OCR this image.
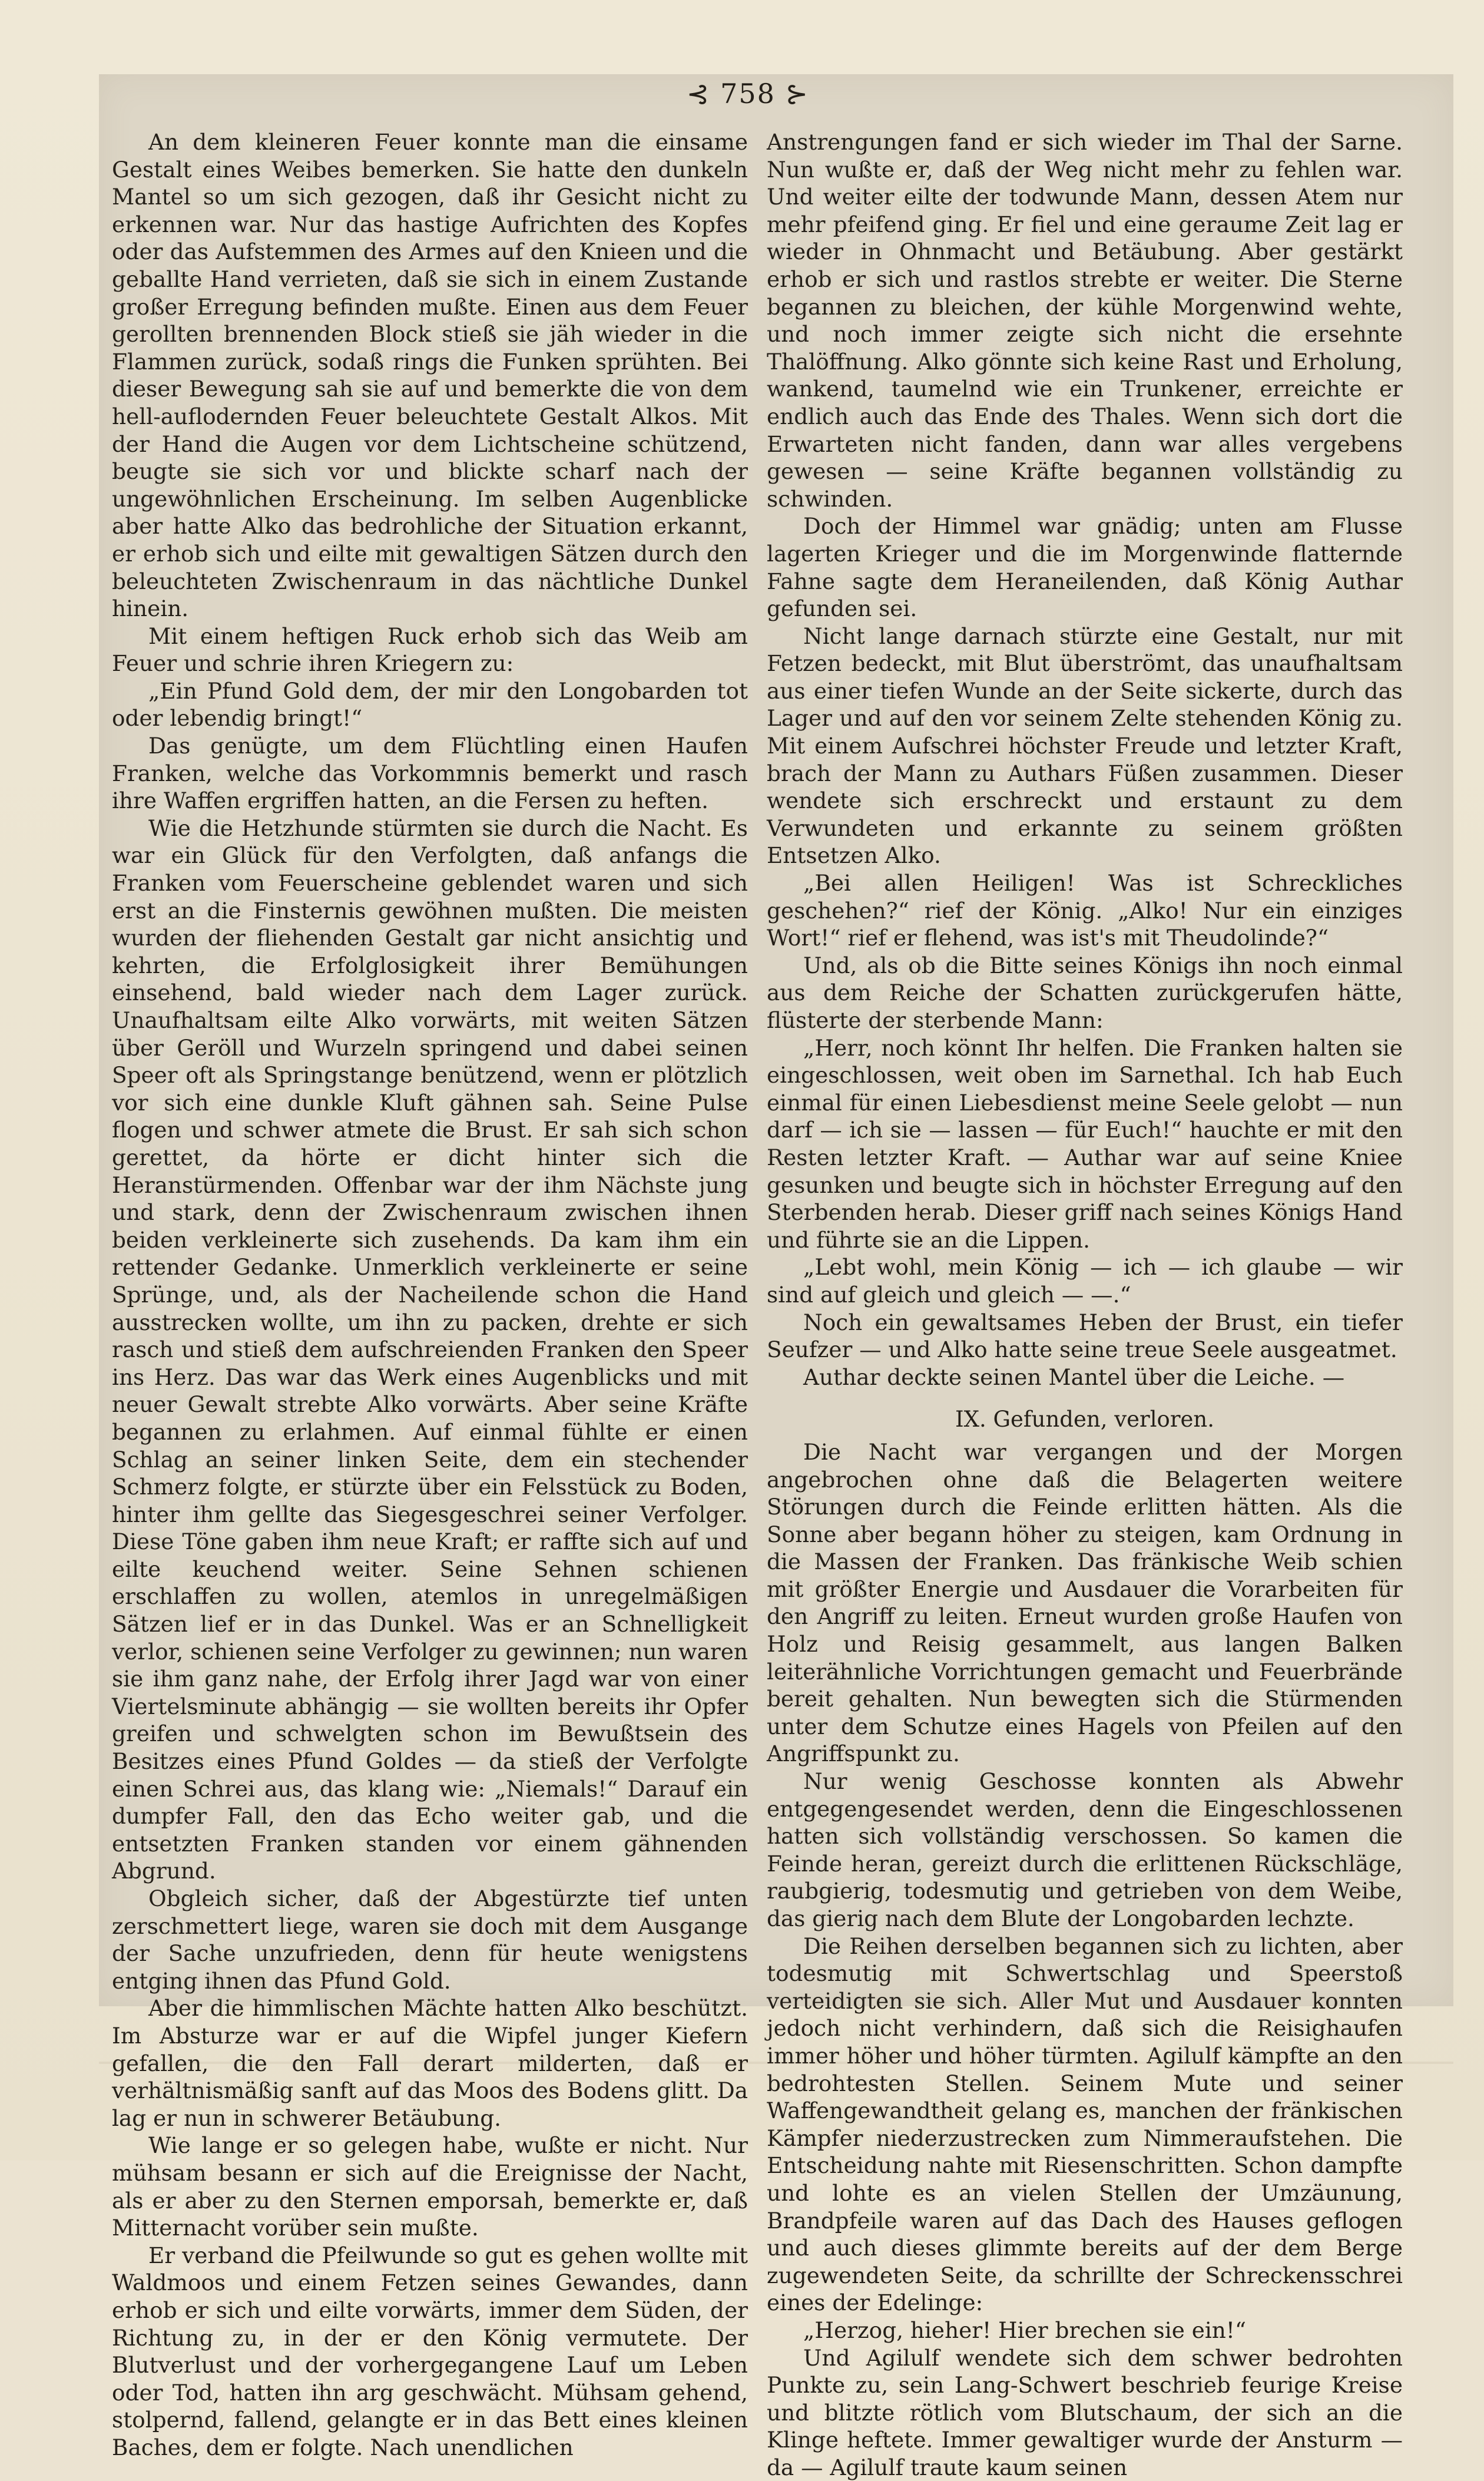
⊰ 758 ⊱

An dem kleineren Feuer konnte man die einsame Gestalt eines Weibes bemerken. Sie hatte den dunkeln Mantel so um sich gezogen, daß ihr Gesicht nicht zu erkennen war. Nur das hastige Aufrichten des Kopfes oder das Aufstemmen des Armes auf den Knieen und die geballte Hand verrieten, daß sie sich in einem Zustande großer Erregung befinden mußte. Einen aus dem Feuer gerollten brennenden Block stieß sie jäh wieder in die Flammen zurück, sodaß rings die Funken sprühten. Bei dieser Bewegung sah sie auf und bemerkte die von dem hell-auflodernden Feuer beleuchtete Gestalt Alkos. Mit der Hand die Augen vor dem Lichtscheine schützend, beugte sie sich vor und blickte scharf nach der ungewöhnlichen Erscheinung. Im selben Augenblicke aber hatte Alko das bedrohliche der Situation erkannt, er erhob sich und eilte mit gewaltigen Sätzen durch den beleuchteten Zwischenraum in das nächtliche Dunkel hinein.

Mit einem heftigen Ruck erhob sich das Weib am Feuer und schrie ihren Kriegern zu:

„Ein Pfund Gold dem, der mir den Longobarden tot oder lebendig bringt!“

Das genügte, um dem Flüchtling einen Haufen Franken, welche das Vorkommnis bemerkt und rasch ihre Waffen ergriffen hatten, an die Fersen zu heften.

Wie die Hetzhunde stürmten sie durch die Nacht. Es war ein Glück für den Verfolgten, daß anfangs die Franken vom Feuerscheine geblendet waren und sich erst an die Finsternis gewöhnen mußten. Die meisten wurden der fliehenden Gestalt gar nicht ansichtig und kehrten, die Erfolglosigkeit ihrer Bemühungen einsehend, bald wieder nach dem Lager zurück. Unaufhaltsam eilte Alko vorwärts, mit weiten Sätzen über Geröll und Wurzeln springend und dabei seinen Speer oft als Springstange benützend, wenn er plötzlich vor sich eine dunkle Kluft gähnen sah. Seine Pulse flogen und schwer atmete die Brust. Er sah sich schon gerettet, da hörte er dicht hinter sich die Heranstürmenden. Offenbar war der ihm Nächste jung und stark, denn der Zwischenraum zwischen ihnen beiden verkleinerte sich zusehends. Da kam ihm ein rettender Gedanke. Unmerklich verkleinerte er seine Sprünge, und, als der Nacheilende schon die Hand ausstrecken wollte, um ihn zu packen, drehte er sich rasch und stieß dem aufschreienden Franken den Speer ins Herz. Das war das Werk eines Augenblicks und mit neuer Gewalt strebte Alko vorwärts. Aber seine Kräfte begannen zu erlahmen. Auf einmal fühlte er einen Schlag an seiner linken Seite, dem ein stechender Schmerz folgte, er stürzte über ein Felsstück zu Boden, hinter ihm gellte das Siegesgeschrei seiner Verfolger. Diese Töne gaben ihm neue Kraft; er raffte sich auf und eilte keuchend weiter. Seine Sehnen schienen erschlaffen zu wollen, atemlos in unregelmäßigen Sätzen lief er in das Dunkel. Was er an Schnelligkeit verlor, schienen seine Verfolger zu gewinnen; nun waren sie ihm ganz nahe, der Erfolg ihrer Jagd war von einer Viertelsminute abhängig — sie wollten bereits ihr Opfer greifen und schwelgten schon im Bewußtsein des Besitzes eines Pfund Goldes — da stieß der Verfolgte einen Schrei aus, das klang wie: „Niemals!“ Darauf ein dumpfer Fall, den das Echo weiter gab, und die entsetzten Franken standen vor einem gähnenden Abgrund.

Obgleich sicher, daß der Abgestürzte tief unten zerschmettert liege, waren sie doch mit dem Ausgange der Sache unzufrieden, denn für heute wenigstens entging ihnen das Pfund Gold.

Aber die himmlischen Mächte hatten Alko beschützt. Im Absturze war er auf die Wipfel junger Kiefern gefallen, die den Fall derart milderten, daß er verhältnismäßig sanft auf das Moos des Bodens glitt. Da lag er nun in schwerer Betäubung.

Wie lange er so gelegen habe, wußte er nicht. Nur mühsam besann er sich auf die Ereignisse der Nacht, als er aber zu den Sternen emporsah, bemerkte er, daß Mitternacht vorüber sein mußte.

Er verband die Pfeilwunde so gut es gehen wollte mit Waldmoos und einem Fetzen seines Gewandes, dann erhob er sich und eilte vorwärts, immer dem Süden, der Richtung zu, in der er den König vermutete. Der Blutverlust und der vorhergegangene Lauf um Leben oder Tod, hatten ihn arg geschwächt. Mühsam gehend, stolpernd, fallend, gelangte er in das Bett eines kleinen Baches, dem er folgte. Nach unendlichen

Anstrengungen fand er sich wieder im Thal der Sarne. Nun wußte er, daß der Weg nicht mehr zu fehlen war. Und weiter eilte der todwunde Mann, dessen Atem nur mehr pfeifend ging. Er fiel und eine geraume Zeit lag er wieder in Ohnmacht und Betäubung. Aber gestärkt erhob er sich und rastlos strebte er weiter. Die Sterne begannen zu bleichen, der kühle Morgenwind wehte, und noch immer zeigte sich nicht die ersehnte Thalöffnung. Alko gönnte sich keine Rast und Erholung, wankend, taumelnd wie ein Trunkener, erreichte er endlich auch das Ende des Thales. Wenn sich dort die Erwarteten nicht fanden, dann war alles vergebens gewesen — seine Kräfte begannen vollständig zu schwinden.

Doch der Himmel war gnädig; unten am Flusse lagerten Krieger und die im Morgenwinde flatternde Fahne sagte dem Heraneilenden, daß König Authar gefunden sei.

Nicht lange darnach stürzte eine Gestalt, nur mit Fetzen bedeckt, mit Blut überströmt, das unaufhaltsam aus einer tiefen Wunde an der Seite sickerte, durch das Lager und auf den vor seinem Zelte stehenden König zu. Mit einem Aufschrei höchster Freude und letzter Kraft, brach der Mann zu Authars Füßen zusammen. Dieser wendete sich erschreckt und erstaunt zu dem Verwundeten und erkannte zu seinem größten Entsetzen Alko.

„Bei allen Heiligen! Was ist Schreckliches geschehen?“ rief der König. „Alko! Nur ein einziges Wort!“ rief er flehend, was ist's mit Theudolinde?“

Und, als ob die Bitte seines Königs ihn noch einmal aus dem Reiche der Schatten zurückgerufen hätte, flüsterte der sterbende Mann:

„Herr, noch könnt Ihr helfen. Die Franken halten sie eingeschlossen, weit oben im Sarnethal. Ich hab Euch einmal für einen Liebesdienst meine Seele gelobt — nun darf — ich sie — lassen — für Euch!“ hauchte er mit den Resten letzter Kraft. — Authar war auf seine Kniee gesunken und beugte sich in höchster Erregung auf den Sterbenden herab. Dieser griff nach seines Königs Hand und führte sie an die Lippen.

„Lebt wohl, mein König — ich — ich glaube — wir sind auf gleich und gleich — —.“

Noch ein gewaltsames Heben der Brust, ein tiefer Seufzer — und Alko hatte seine treue Seele ausgeatmet.

Authar deckte seinen Mantel über die Leiche. —

IX. Gefunden, verloren.

Die Nacht war vergangen und der Morgen angebrochen ohne daß die Belagerten weitere Störungen durch die Feinde erlitten hätten. Als die Sonne aber begann höher zu steigen, kam Ordnung in die Massen der Franken. Das fränkische Weib schien mit größter Energie und Ausdauer die Vorarbeiten für den Angriff zu leiten. Erneut wurden große Haufen von Holz und Reisig gesammelt, aus langen Balken leiterähnliche Vorrichtungen gemacht und Feuerbrände bereit gehalten. Nun bewegten sich die Stürmenden unter dem Schutze eines Hagels von Pfeilen auf den Angriffspunkt zu.

Nur wenig Geschosse konnten als Abwehr entgegengesendet werden, denn die Eingeschlossenen hatten sich vollständig verschossen. So kamen die Feinde heran, gereizt durch die erlittenen Rückschläge, raubgierig, todesmutig und getrieben von dem Weibe, das gierig nach dem Blute der Longobarden lechzte.

Die Reihen derselben begannen sich zu lichten, aber todesmutig mit Schwertschlag und Speerstoß verteidigten sie sich. Aller Mut und Ausdauer konnten jedoch nicht verhindern, daß sich die Reisighaufen immer höher und höher türmten. Agilulf kämpfte an den bedrohtesten Stellen. Seinem Mute und seiner Waffengewandtheit gelang es, manchen der fränkischen Kämpfer niederzustrecken zum Nimmeraufstehen. Die Entscheidung nahte mit Riesenschritten. Schon dampfte und lohte es an vielen Stellen der Umzäunung, Brandpfeile waren auf das Dach des Hauses geflogen und auch dieses glimmte bereits auf der dem Berge zugewendeten Seite, da schrillte der Schreckensschrei eines der Edelinge:

„Herzog, hieher! Hier brechen sie ein!“

Und Agilulf wendete sich dem schwer bedrohten Punkte zu, sein Lang-Schwert beschrieb feurige Kreise und blitzte rötlich vom Blutschaum, der sich an die Klinge heftete. Immer gewaltiger wurde der Ansturm — da — Agilulf traute kaum seinen
